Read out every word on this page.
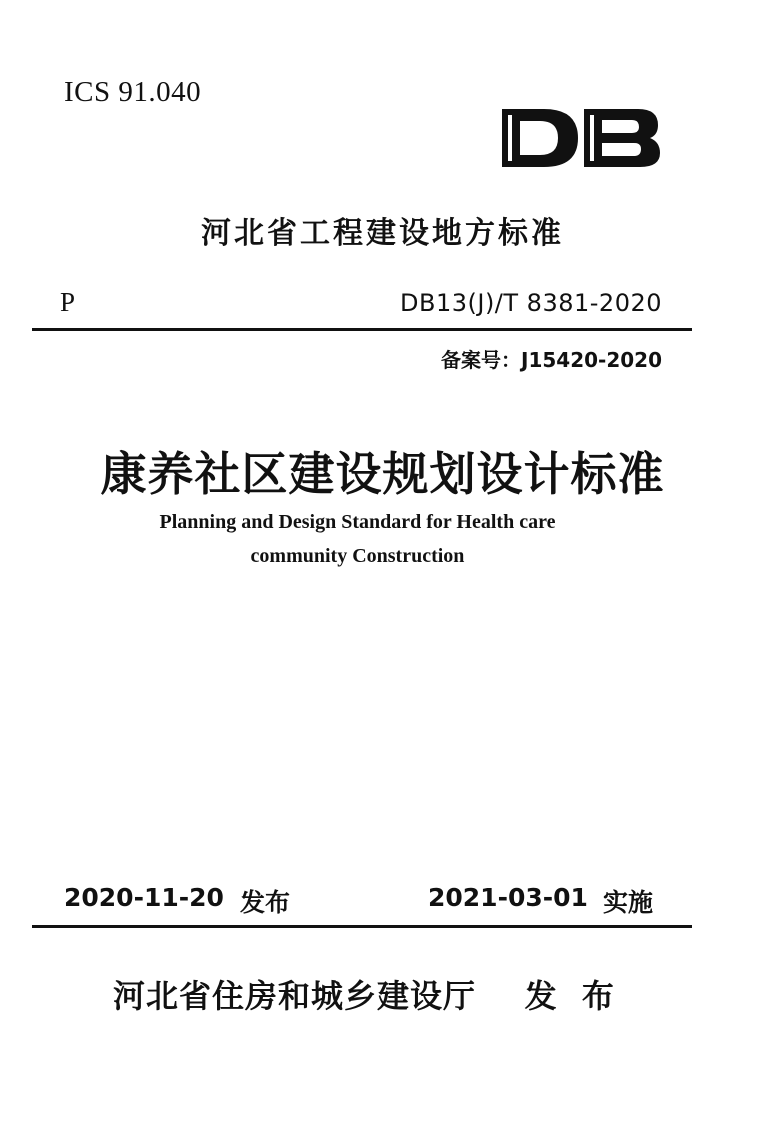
ICS 91.040
河北省工程建设地方标准
P	DB13(J)/T 8381-2020
备案号：J15420-2020
康养社区建设规划设计标准
Planning and Design Standard for Health care
community Construction
2020-11-20 发布	2021-03-01 实施
河北省住房和城乡建设厅    发  布
